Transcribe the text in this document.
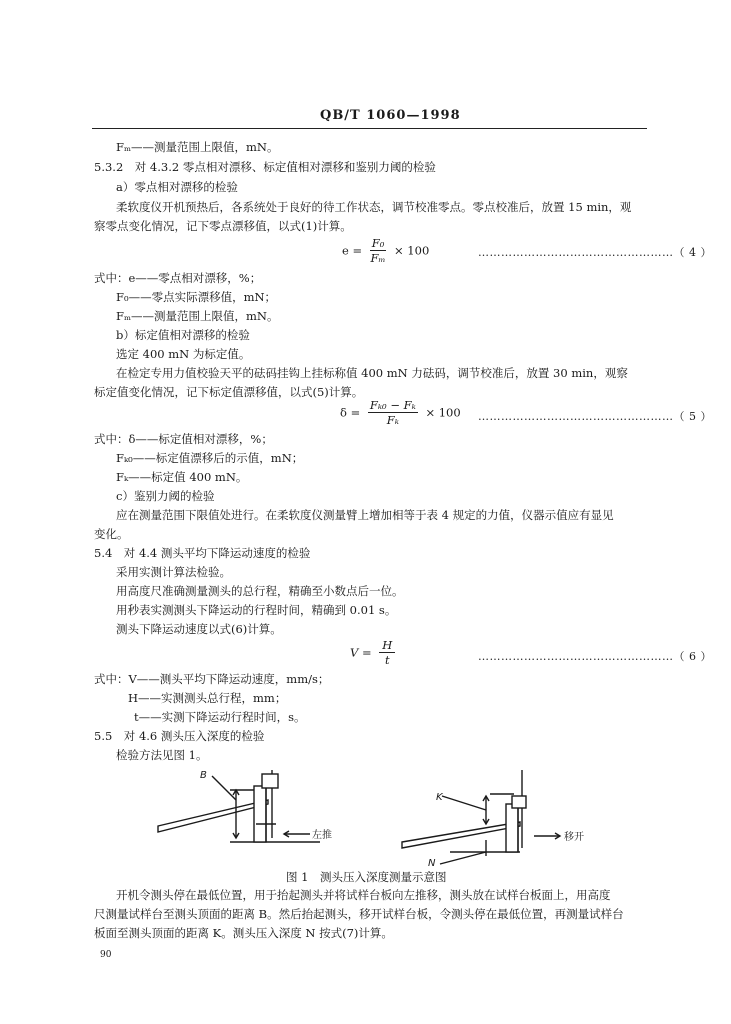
QB/T 1060—1998
Fₘ——测量范围上限值，mN。
5.3.2　对 4.3.2 零点相对漂移、标定值相对漂移和鉴别力阈的检验
a）零点相对漂移的检验
柔软度仪开机预热后，各系统处于良好的待工作状态，调节校准零点。零点校准后，放置 15 min，观
察零点变化情况，记下零点漂移值，以式(1)计算。
$e = \frac{\text{F₀}}{\text{Fₘ}} \times 100$	……………………………………………（ 4 ）
式中：e——零点相对漂移，%；
F₀——零点实际漂移值，mN；
Fₘ——测量范围上限值，mN。
b）标定值相对漂移的检验
选定 400 mN 为标定值。
在检定专用力值校验天平的砝码挂钩上挂标称值 400 mN 力砝码，调节校准后，放置 30 min，观察
标定值变化情况，记下标定值漂移值，以式(5)计算。
$\delta = \frac{\text{Fₖ₀ − Fₖ}}{\text{Fₖ}} \times 100$ ……………………………………………（ 5 ）
式中：δ——标定值相对漂移，%；
Fₖ₀——标定值漂移后的示值，mN；
Fₖ——标定值 400 mN。
c）鉴别力阈的检验
应在测量范围下限值处进行。在柔软度仪测量臂上增加相等于表 4 规定的力值，仪器示值应有显见
变化。
5.4　对 4.4 测头平均下降运动速度的检验
采用实测计算法检验。
用高度尺准确测量测头的总行程，精确至小数点后一位。
用秒表实测测头下降运动的行程时间，精确到 0.01 s。
测头下降运动速度以式(6)计算。
$V = \frac{H}{t}$	……………………………………………（ 6 ）
式中：V——测头平均下降运动速度，mm/s；
H——实测测头总行程，mm；
t——实测下降运动行程时间，s。
5.5　对 4.6 测头压入深度的检验
检验方法见图 1。
B
左推
K
N
移开
图 1　测头压入深度测量示意图
开机令测头停在最低位置，用于抬起测头并将试样台板向左推移，测头放在试样台板面上，用高度
尺测量试样台至测头顶面的距离 B。然后抬起测头，移开试样台板，令测头停在最低位置，再测量试样台
板面至测头顶面的距离 K。测头压入深度 N 按式(7)计算。
90
